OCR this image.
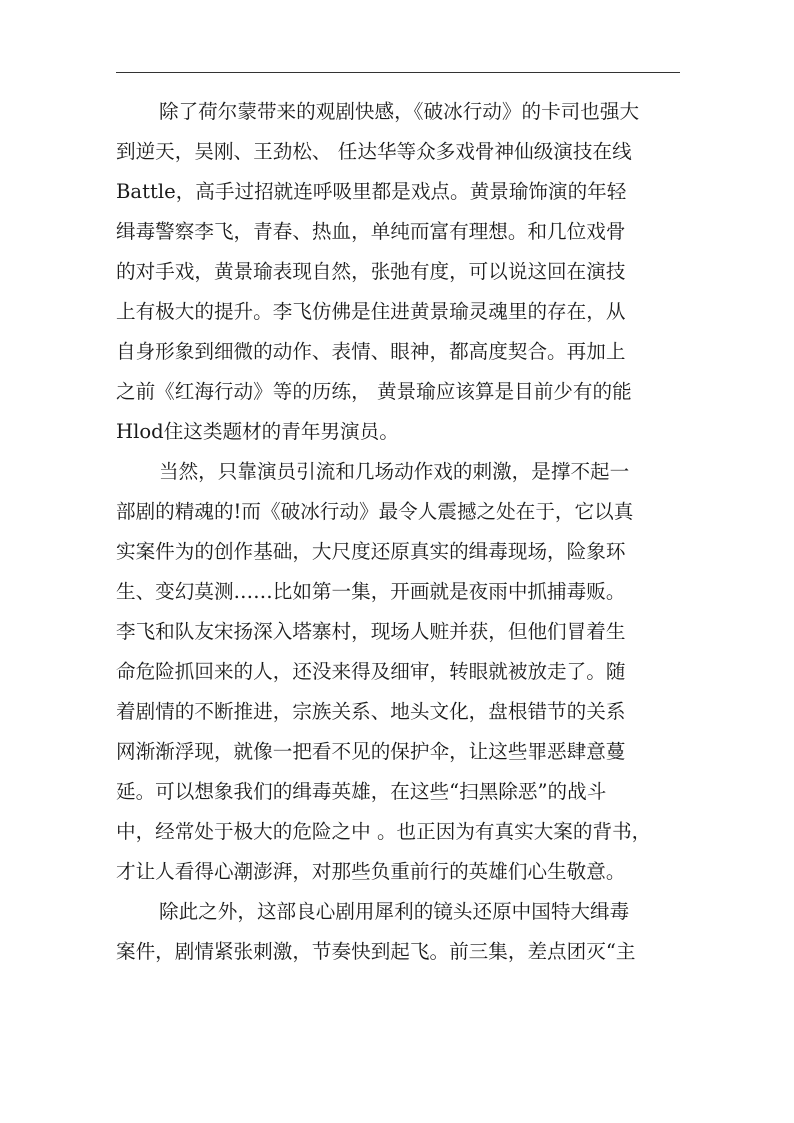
除了荷尔蒙带来的观剧快感，《破冰行动》的卡司也强大
到逆天，吴刚、王劲松、 任达华等众多戏骨神仙级演技在线
Battle，高手过招就连呼吸里都是戏点。黄景瑜饰演的年轻
缉毒警察李飞，青春、热血，单纯而富有理想。和几位戏骨
的对手戏，黄景瑜表现自然，张弛有度，可以说这回在演技
上有极大的提升。李飞仿佛是住进黄景瑜灵魂里的存在，从
自身形象到细微的动作、表情、眼神，都高度契合。再加上
之前《红海行动》等的历练， 黄景瑜应该算是目前少有的能
Hlod住这类题材的青年男演员。
当然，只靠演员引流和几场动作戏的刺激，是撑不起一
部剧的精魂的!而《破冰行动》最令人震撼之处在于，它以真
实案件为的创作基础，大尺度还原真实的缉毒现场，险象环
生、变幻莫测……比如第一集，开画就是夜雨中抓捕毒贩。
李飞和队友宋扬深入塔寨村，现场人赃并获，但他们冒着生
命危险抓回来的人，还没来得及细审，转眼就被放走了。随
着剧情的不断推进，宗族关系、地头文化，盘根错节的关系
网渐渐浮现，就像一把看不见的保护伞，让这些罪恶肆意蔓
延。可以想象我们的缉毒英雄，在这些“扫黑除恶”的战斗
中，经常处于极大的危险之中 。也正因为有真实大案的背书，
才让人看得心潮澎湃，对那些负重前行的英雄们心生敬意。
除此之外，这部良心剧用犀利的镜头还原中国特大缉毒
案件，剧情紧张刺激，节奏快到起飞。前三集，差点团灭“主
